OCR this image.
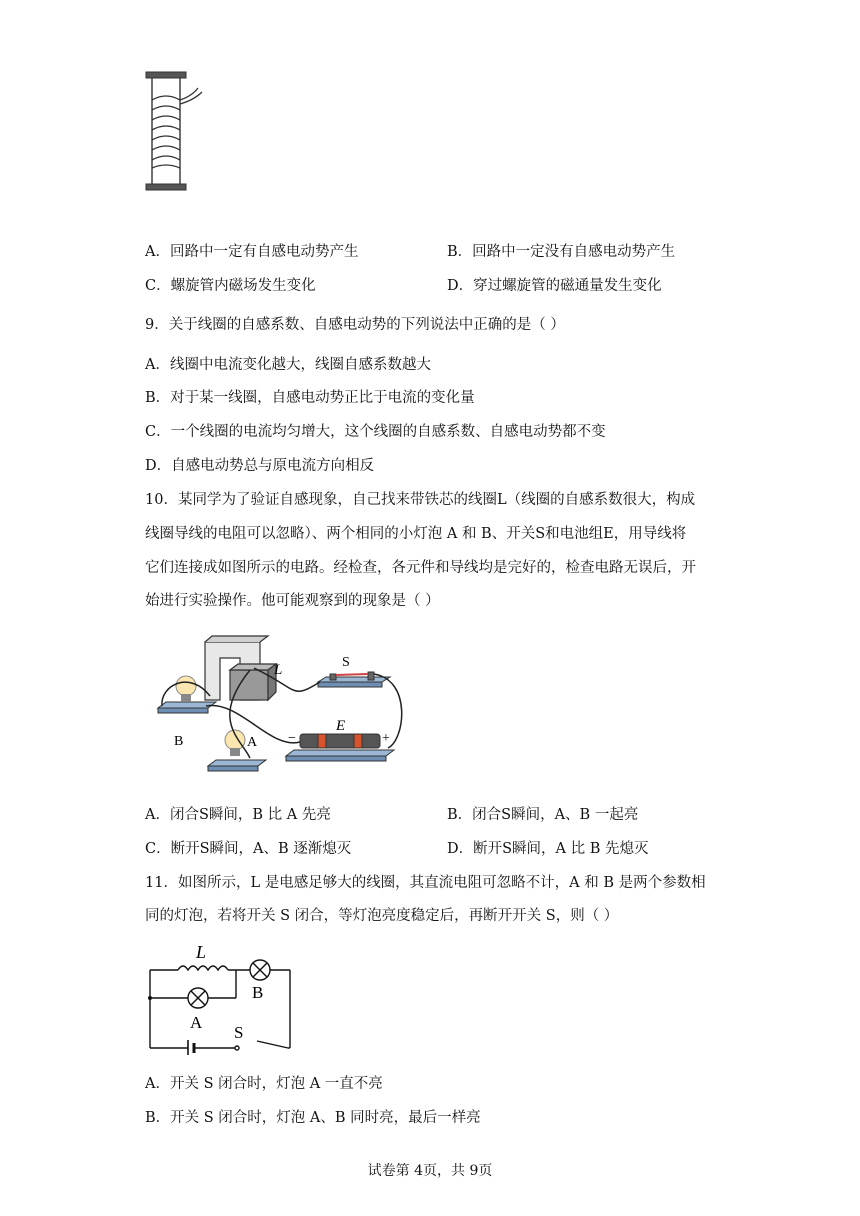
A．回路中一定有自感电动势产生	B．回路中一定没有自感电动势产生
C．螺旋管内磁场发生变化	D．穿过螺旋管的磁通量发生变化
9．关于线圈的自感系数、自感电动势的下列说法中正确的是（ ）
A．线圈中电流变化越大，线圈自感系数越大
B．对于某一线圈，自感电动势正比于电流的变化量
C．一个线圈的电流均匀增大，这个线圈的自感系数、自感电动势都不变
D．自感电动势总与原电流方向相反
10．某同学为了验证自感现象，自己找来带铁芯的线圈L（线圈的自感系数很大，构成
线圈导线的电阻可以忽略）、两个相同的小灯泡 A 和 B、开关S和电池组E，用导线将
它们连接成如图所示的电路。经检查，各元件和导线均是完好的，检查电路无误后，开
始进行实验操作。他可能观察到的现象是（ ）
L	S
B	A
E
−	+
A．闭合S瞬间，B 比 A 先亮	B．闭合S瞬间，A、B 一起亮
C．断开S瞬间，A、B 逐渐熄灭	D．断开S瞬间，A 比 B 先熄灭
11．如图所示，L 是电感足够大的线圈，其直流电阻可忽略不计，A 和 B 是两个参数相
同的灯泡，若将开关 S 闭合，等灯泡亮度稳定后，再断开开关 S，则（ ）
L
B
A
S
A．开关 S 闭合时，灯泡 A 一直不亮
B．开关 S 闭合时，灯泡 A、B 同时亮，最后一样亮
试卷第 4页，共 9页
